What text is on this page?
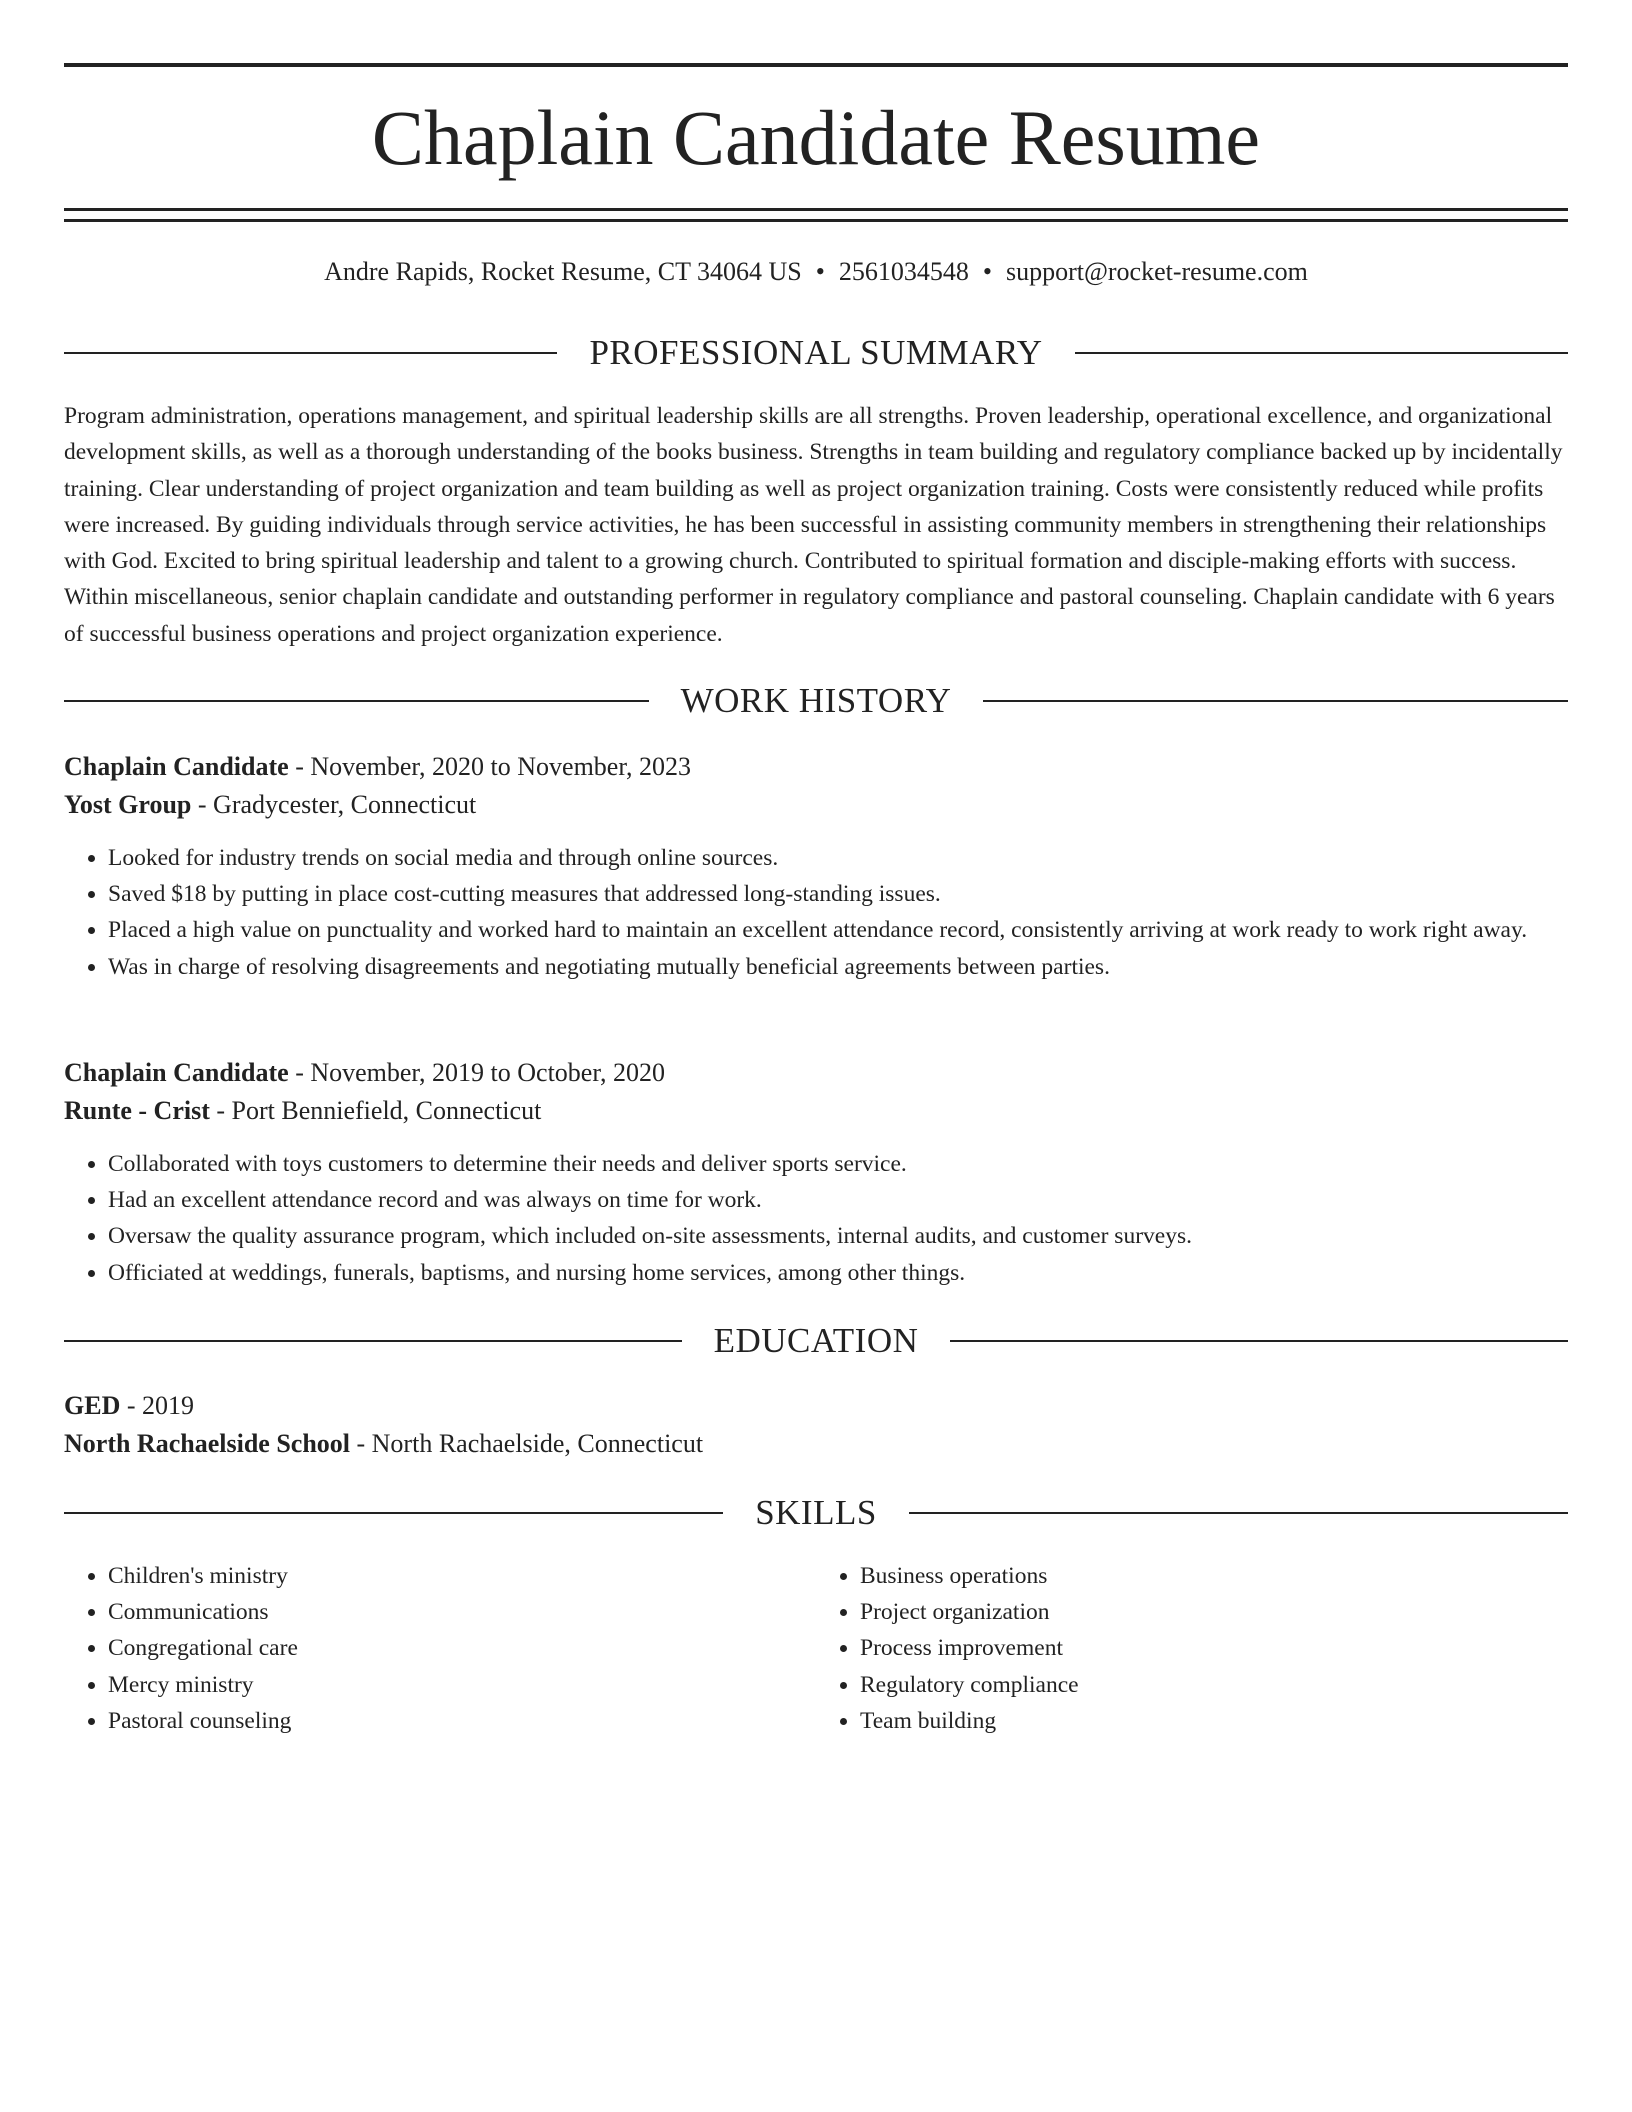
Chaplain Candidate Resume
Andre Rapids, Rocket Resume, CT 34064 US • 2561034548 • support@rocket-resume.com
PROFESSIONAL SUMMARY

Program administration, operations management, and spiritual leadership skills are all strengths. Proven leadership, operational excellence, and organizational development skills, as well as a thorough understanding of the books business. Strengths in team building and regulatory compliance backed up by incidentally training. Clear understanding of project organization and team building as well as project organization training. Costs were consistently reduced while profits were increased. By guiding individuals through service activities, he has been successful in assisting community members in strengthening their relationships with God. Excited to bring spiritual leadership and talent to a growing church. Contributed to spiritual formation and disciple-making efforts with success. Within miscellaneous, senior chaplain candidate and outstanding performer in regulatory compliance and pastoral counseling. Chaplain candidate with 6 years of successful business operations and project organization experience.

WORK HISTORY
Chaplain Candidate - November, 2020 to November, 2023
Yost Group - Gradycester, Connecticut
• Looked for industry trends on social media and through online sources.
• Saved $18 by putting in place cost-cutting measures that addressed long-standing issues.
• Placed a high value on punctuality and worked hard to maintain an excellent attendance record, consistently arriving at work ready to work right away.
• Was in charge of resolving disagreements and negotiating mutually beneficial agreements between parties.
Chaplain Candidate - November, 2019 to October, 2020
Runte - Crist - Port Benniefield, Connecticut
• Collaborated with toys customers to determine their needs and deliver sports service.
• Had an excellent attendance record and was always on time for work.
• Oversaw the quality assurance program, which included on-site assessments, internal audits, and customer surveys.
• Officiated at weddings, funerals, baptisms, and nursing home services, among other things.
EDUCATION
GED - 2019
North Rachaelside School - North Rachaelside, Connecticut
SKILLS
• Children's ministry
• Communications
• Congregational care
• Mercy ministry
• Pastoral counseling
• Business operations
• Project organization
• Process improvement
• Regulatory compliance
• Team building
